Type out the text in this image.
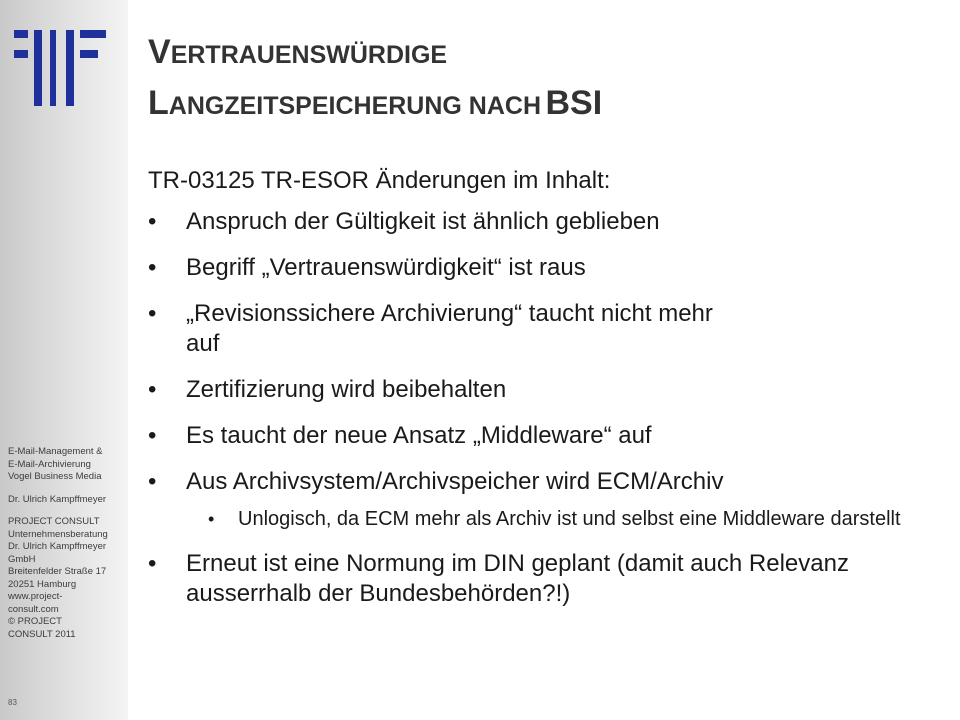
E-Mail-Management &
E-Mail-Archivierung
Vogel Business Media
Dr. Ulrich Kampffmeyer
PROJECT CONSULT
Unternehmensberatung
Dr. Ulrich Kampffmeyer
GmbH
Breitenfelder Straße 17
20251 Hamburg
www.project-
consult.com
© PROJECT
CONSULT 2011
83
VERTRAUENSWÜRDIGE
LANGZEITSPEICHERUNG NACH BSI

TR-03125 TR-ESOR Änderungen im Inhalt:

• Anspruch der Gültigkeit ist ähnlich geblieben
• Begriff „Vertrauenswürdigkeit“ ist raus
• „Revisionssichere Archivierung“ taucht nicht mehr auf
• Zertifizierung wird beibehalten
• Es taucht der neue Ansatz „Middleware“ auf
• Aus Archivsystem/Archivspeicher wird ECM/Archiv
• Unlogisch, da ECM mehr als Archiv ist und selbst eine Middleware darstellt
• Erneut ist eine Normung im DIN geplant (damit auch Relevanz ausserrhalb der Bundesbehörden?!)
